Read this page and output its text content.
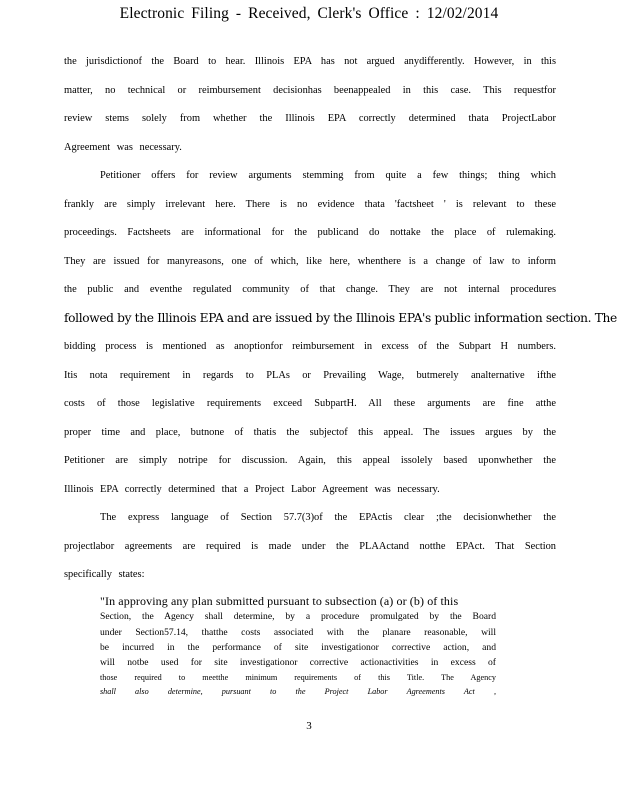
Electronic Filing - Received, Clerk's Office : 12/02/2014
the jurisdictionof the Board to hear. Illinois EPA has not argued anydifferently. However, in this
matter, no technical or reimbursement decisionhas beenappealed in this case. This requestfor
review stems solely from whether the Illinois EPA correctly determined thata ProjectLabor
Agreement was necessary.
Petitioner offers for review arguments stemming from quite a few things; thing which
frankly are simply irrelevant here. There is no evidence thata 'factsheet ' is relevant to these
proceedings. Factsheets are informational for the publicand do nottake the place of rulemaking.
They are issued for manyreasons, one of which, like here, whenthere is a change of law to inform
the public and eventhe regulated community of that change. They are not internal procedures
followed by the Illinois EPA and are issued by the Illinois EPA's public information section. The
bidding process is mentioned as anoptionfor reimbursement in excess of the Subpart H numbers.
Itis nota requirement in regards to PLAs or Prevailing Wage, butmerely analternative ifthe
costs of those legislative requirements exceed SubpartH. All these arguments are fine atthe
proper time and place, butnone of thatis the subjectof this appeal. The issues argues by the
Petitioner are simply notripe for discussion. Again, this appeal issolely based uponwhether the
Illinois EPA correctly determined that a Project Labor Agreement was necessary.
The express language of Section 57.7(3)of the EPActis clear ;the decisionwhether the
projectlabor agreements are required is made under the PLAActand notthe EPAct. That Section
specifically states:
"In approving any plan submitted pursuant to subsection (a) or (b) of this
Section, the Agency shall determine, by a procedure promulgated by the Board
under Section57.14, thatthe costs associated with the planare reasonable, will
be incurred in the performance of site investigationor corrective action, and
will notbe used for site investigationor corrective actionactivities in excess of
those required to meetthe minimum requirements of this Title. The Agency
shall also determine, pursuant to the Project Labor Agreements Act ,
3
